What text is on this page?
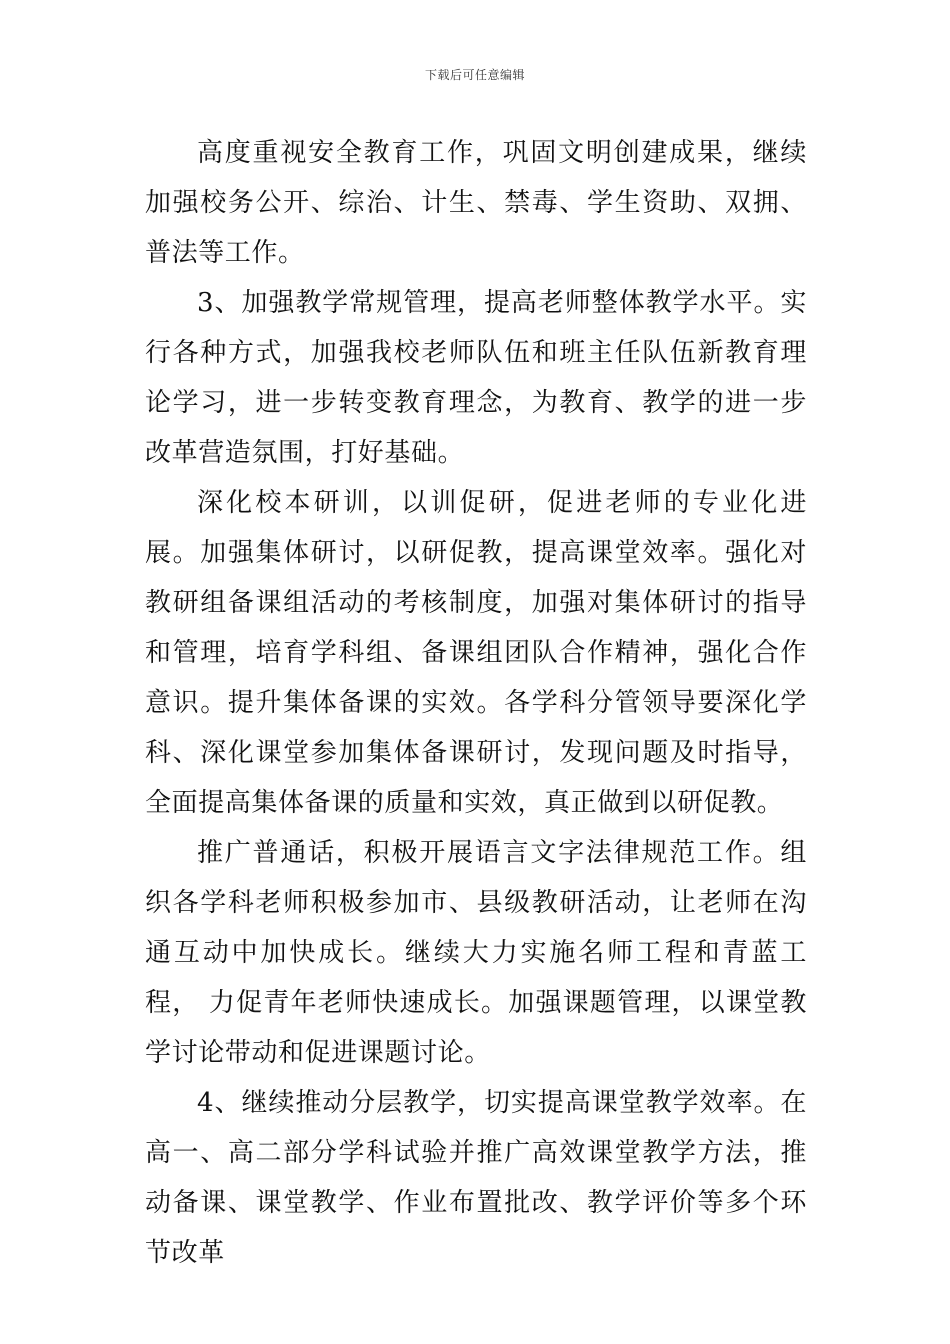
下载后可任意编辑

高度重视安全教育工作，巩固文明创建成果，继续加强校务公开、综治、计生、禁毒、学生资助、双拥、普法等工作。

3、加强教学常规管理，提高老师整体教学水平。实行各种方式，加强我校老师队伍和班主任队伍新教育理论学习，进一步转变教育理念，为教育、教学的进一步改革营造氛围，打好基础。

深化校本研训，以训促研，促进老师的专业化进展。加强集体研讨，以研促教，提高课堂效率。强化对教研组备课组活动的考核制度，加强对集体研讨的指导和管理，培育学科组、备课组团队合作精神，强化合作意识。提升集体备课的实效。各学科分管领导要深化学科、深化课堂参加集体备课研讨，发现问题及时指导，全面提高集体备课的质量和实效，真正做到以研促教。

推广普通话，积极开展语言文字法律规范工作。组织各学科老师积极参加市、县级教研活动，让老师在沟通互动中加快成长。继续大力实施名师工程和青蓝工程， 力促青年老师快速成长。加强课题管理，以课堂教学讨论带动和促进课题讨论。

4、继续推动分层教学，切实提高课堂教学效率。在高一、高二部分学科试验并推广高效课堂教学方法，推动备课、课堂教学、作业布置批改、教学评价等多个环节改革
